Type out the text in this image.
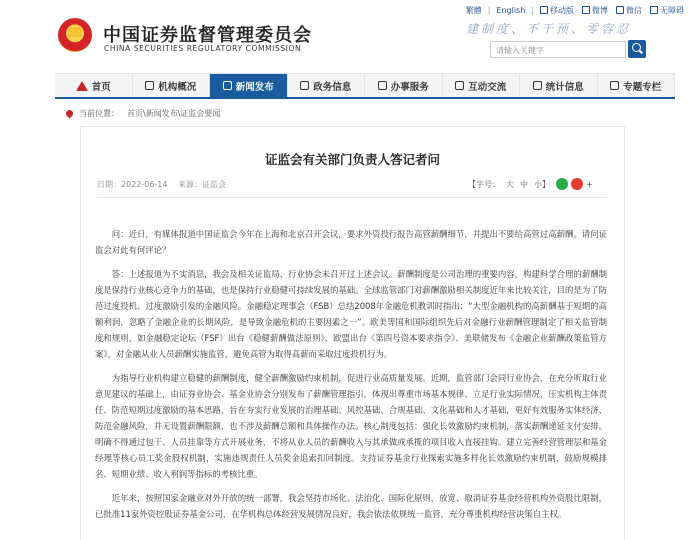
中国证券监督管理委员会
CHINA SECURITIES REGULATORY COMMISSION
建制度、不干预、零容忍
请输入关键字
繁體 | English |	移动版	微博	微信	无障碍
首页	机构概况	新闻发布	政务信息	办事服务	互动交流	统计信息	专题专栏
当前位置： 首页\新闻发布\证监会要闻
证监会有关部门负责人答记者问
日期：2022-06-14 来源：证监会	【字号： 大 中 小】	+
问：近日，有媒体报道中国证监会今年在上海和北京召开会议，要求外资投行报告高管薪酬细节，并提出不要给高管过高薪酬。请问证监会对此有何评论？
答：上述报道为不实消息，我会及相关证监局、行业协会未召开过上述会议。薪酬制度是公司治理的重要内容，构建科学合理的薪酬制度是保持行业核心竞争力的基础，也是保持行业稳健可持续发展的基础。全球监管部门对薪酬激励相关制度近年来比较关注，目的是为了防范过度投机、过度激励引发的金融风险。金融稳定理事会（FSB）总结2008年金融危机教训时指出：“大型金融机构的高薪酬基于短期的高额利润，忽略了金融企业的长期风险，是导致金融危机的主要因素之一”。欧美等国和国际组织先后对金融行业薪酬管理制定了相关监管制度和规则，如金融稳定论坛（FSF）出台《稳健薪酬做法原则》、欧盟出台《第四号资本要求指令》、美联储发布《金融企业薪酬政策监管方案》，对金融从业人员薪酬实施监管，避免高管为取得高薪而采取过度投机行为。
为指导行业机构建立稳健的薪酬制度，健全薪酬激励约束机制，促进行业高质量发展。近期，监管部门会同行业协会，在充分听取行业意见建议的基础上，由证券业协会、基金业协会分别发布了薪酬管理指引，体现出尊重市场基本规律、立足行业实际情况、压实机构主体责任、防范短期过度激励的基本思路，旨在夯实行业发展的治理基础、风控基础、合规基础、文化基础和人才基础，更好有效服务实体经济、防范金融风险，并无设置薪酬限额，也不涉及薪酬总额和具体操作办法。核心制度包括：强化长效激励约束机制，落实薪酬递延支付安排。明确不得通过包干、人员挂靠等方式开展业务，不将从业人员的薪酬收入与其承做或承揽的项目收入直接挂钩。建立完善经营管理层和基金经理等核心员工奖金股权机制，实施违规责任人员奖金追索扣回制度。支持证券基金行业探索实施多样化长效激励约束机制，鼓励规模排名、短期业绩、收入利润等指标的考核比重。
近年来，按照国家金融业对外开放的统一部署，我会坚持市场化、法治化、国际化原则，放宽、取消证券基金经营机构外资股比限制，已批准11家外资控股证券基金公司，在华机构总体经营发展情况良好，我会依法依规统一监管，充分尊重机构经营决策自主权。
